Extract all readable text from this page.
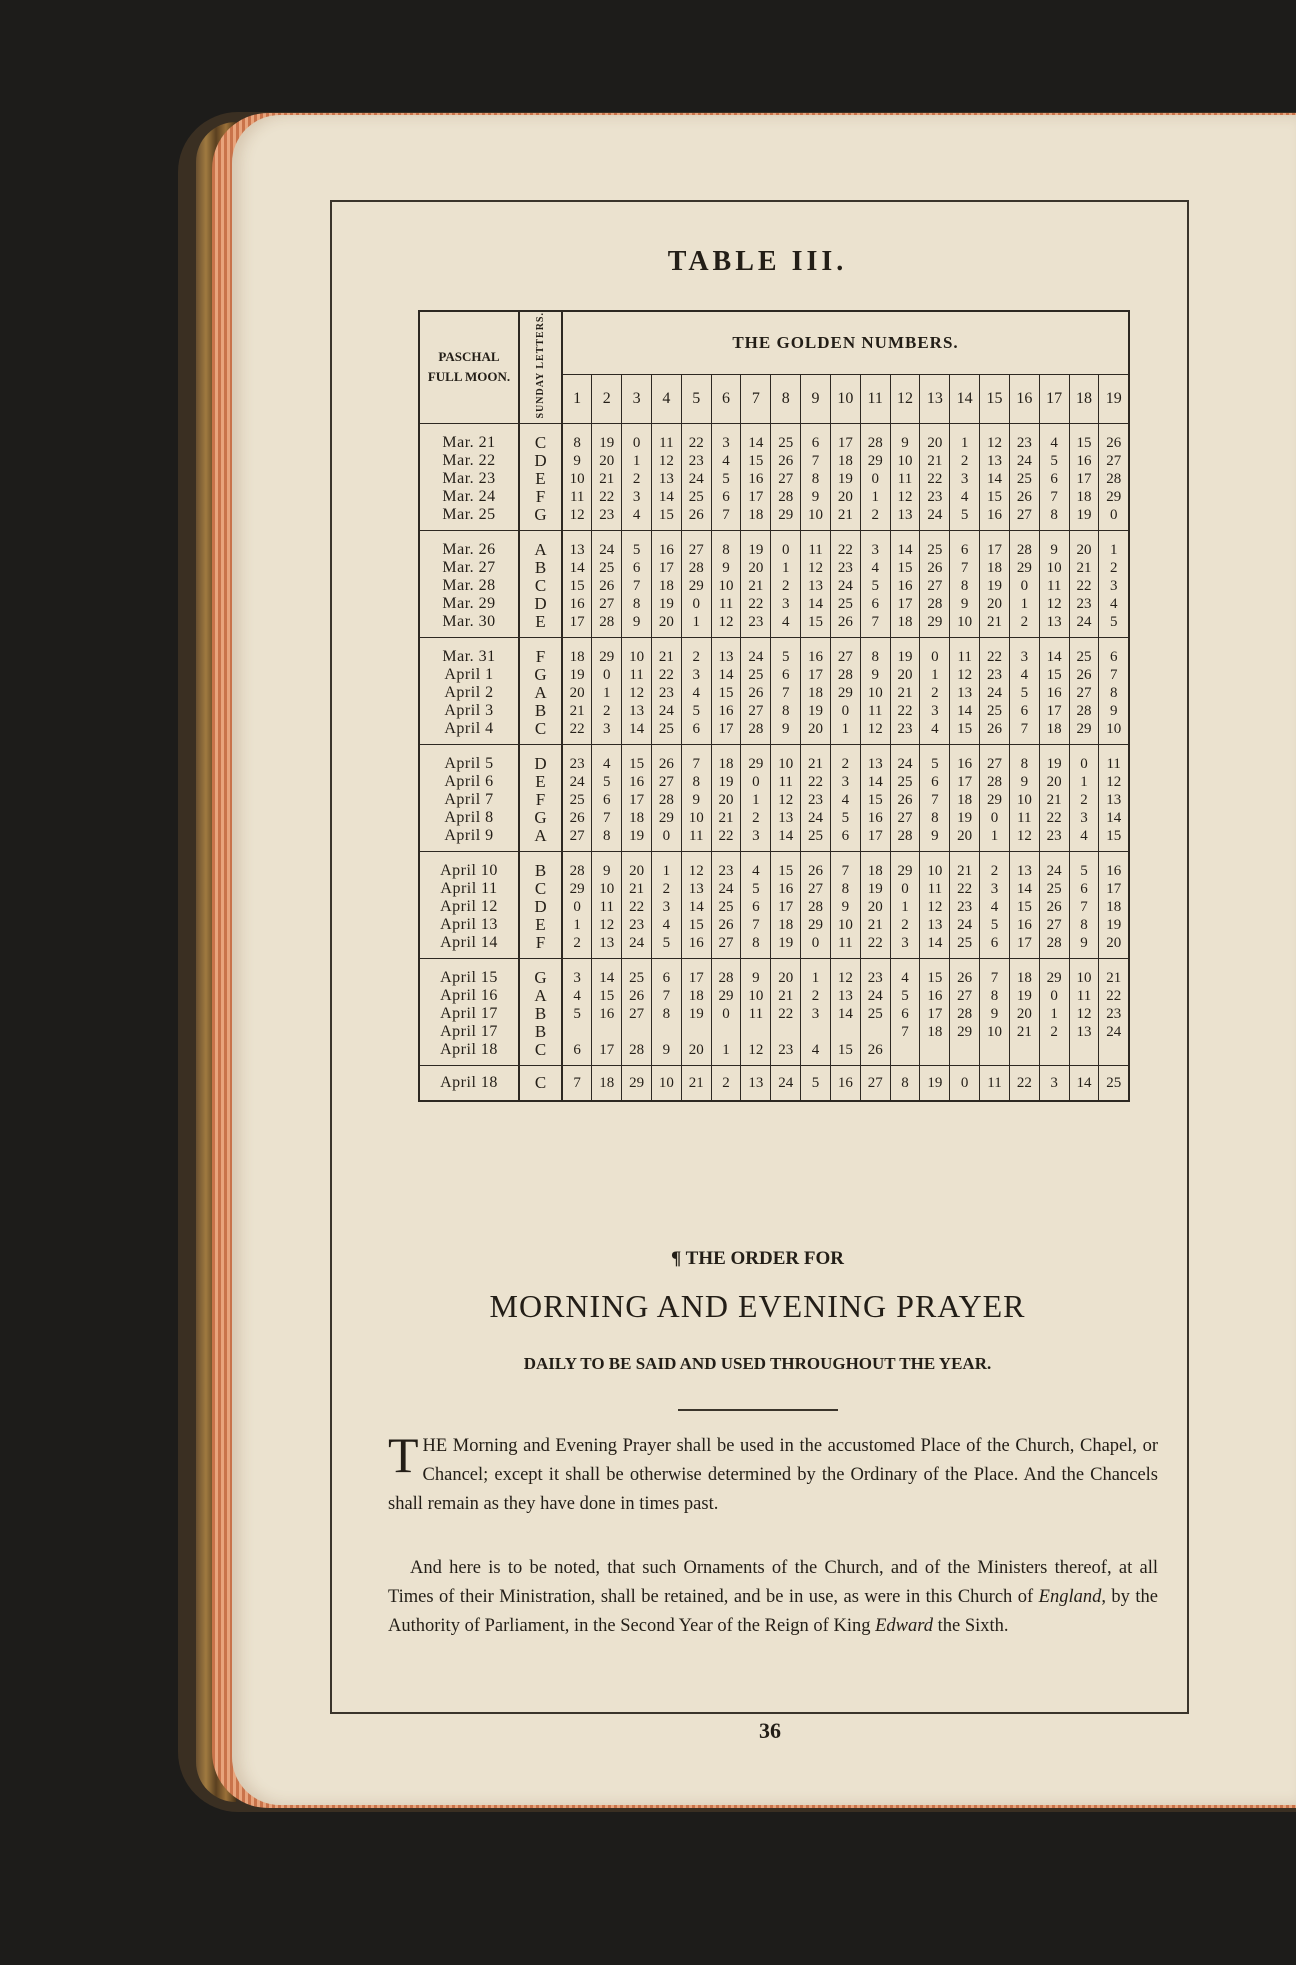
TABLE III.
PASCHAL FULL MOON.	SUNDAY LETTERS.	THE GOLDEN NUMBERS.																		
		1	2	3	4	5	6	7	8	9	10	11	12	13	14	15	16	17	18	19
Mar. 21	C	8	19	0	11	22	3	14	25	6	17	28	9	20	1	12	23	4	15	26
Mar. 22	D	9	20	1	12	23	4	15	26	7	18	29	10	21	2	13	24	5	16	27
Mar. 23	E	10	21	2	13	24	5	16	27	8	19	0	11	22	3	14	25	6	17	28
Mar. 24	F	11	22	3	14	25	6	17	28	9	20	1	12	23	4	15	26	7	18	29
Mar. 25	G	12	23	4	15	26	7	18	29	10	21	2	13	24	5	16	27	8	19	0
Mar. 26	A	13	24	5	16	27	8	19	0	11	22	3	14	25	6	17	28	9	20	1
Mar. 27	B	14	25	6	17	28	9	20	1	12	23	4	15	26	7	18	29	10	21	2
Mar. 28	C	15	26	7	18	29	10	21	2	13	24	5	16	27	8	19	0	11	22	3
Mar. 29	D	16	27	8	19	0	11	22	3	14	25	6	17	28	9	20	1	12	23	4
Mar. 30	E	17	28	9	20	1	12	23	4	15	26	7	18	29	10	21	2	13	24	5
Mar. 31	F	18	29	10	21	2	13	24	5	16	27	8	19	0	11	22	3	14	25	6
April 1	G	19	0	11	22	3	14	25	6	17	28	9	20	1	12	23	4	15	26	7
April 2	A	20	1	12	23	4	15	26	7	18	29	10	21	2	13	24	5	16	27	8
April 3	B	21	2	13	24	5	16	27	8	19	0	11	22	3	14	25	6	17	28	9
April 4	C	22	3	14	25	6	17	28	9	20	1	12	23	4	15	26	7	18	29	10
April 5	D	23	4	15	26	7	18	29	10	21	2	13	24	5	16	27	8	19	0	11
April 6	E	24	5	16	27	8	19	0	11	22	3	14	25	6	17	28	9	20	1	12
April 7	F	25	6	17	28	9	20	1	12	23	4	15	26	7	18	29	10	21	2	13
April 8	G	26	7	18	29	10	21	2	13	24	5	16	27	8	19	0	11	22	3	14
April 9	A	27	8	19	0	11	22	3	14	25	6	17	28	9	20	1	12	23	4	15
April 10	B	28	9	20	1	12	23	4	15	26	7	18	29	10	21	2	13	24	5	16
April 11	C	29	10	21	2	13	24	5	16	27	8	19	0	11	22	3	14	25	6	17
April 12	D	0	11	22	3	14	25	6	17	28	9	20	1	12	23	4	15	26	7	18
April 13	E	1	12	23	4	15	26	7	18	29	10	21	2	13	24	5	16	27	8	19
April 14	F	2	13	24	5	16	27	8	19	0	11	22	3	14	25	6	17	28	9	20
April 15	G	3	14	25	6	17	28	9	20	1	12	23	4	15	26	7	18	29	10	21
April 16	A	4	15	26	7	18	29	10	21	2	13	24	5	16	27	8	19	0	11	22
April 17	B	5	16	27	8	19	0	11	22	3	14	25	6	17	28	9	20	1	12	23
April 17	B												7	18	29	10	21	2	13	24
April 18	C	6	17	28	9	20	1	12	23	4	15	26								
April 18	C	7	18	29	10	21	2	13	24	5	16	27	8	19	0	11	22	3	14	25

¶ THE ORDER FOR

MORNING AND EVENING PRAYER

DAILY TO BE SAID AND USED THROUGHOUT THE YEAR.

THE Morning and Evening Prayer shall be used in the accustomed Place of the Church, Chapel, or Chancel; except it shall be otherwise determined by the Ordinary of the Place. And the Chancels shall remain as they have done in times past.

And here is to be noted, that such Ornaments of the Church, and of the Ministers thereof, at all Times of their Ministration, shall be retained, and be in use, as were in this Church of England, by the Authority of Parliament, in the Second Year of the Reign of King Edward the Sixth.

36
